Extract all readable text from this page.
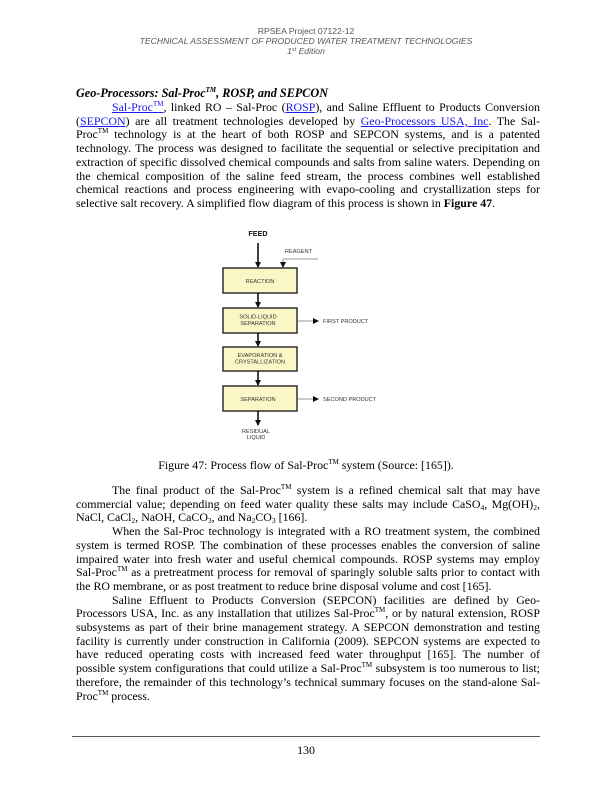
RPSEA Project 07122-12
TECHNICAL ASSESSMENT OF PRODUCED WATER TREATMENT TECHNOLOGIES
1st Edition
Geo-Processors: Sal-Proc™, ROSP, and SEPCON

Sal-Proc™, linked RO – Sal-Proc (ROSP), and Saline Effluent to Products Conversion (SEPCON) are all treatment technologies developed by Geo-Processors USA, Inc. The Sal-Proc™ technology is at the heart of both ROSP and SEPCON systems, and is a patented technology. The process was designed to facilitate the sequential or selective precipitation and extraction of specific dissolved chemical compounds and salts from saline waters. Depending on the chemical composition of the saline feed stream, the process combines well established chemical reactions and process engineering with evapo-cooling and crystallization steps for selective salt recovery. A simplified flow diagram of this process is shown in Figure 47.

FEED
REAGENT
REACTION
SOLID-LIQUID
SEPARATION	FIRST PRODUCT
EVAPORATION &
CRYSTALLIZATION
SEPARATION	SECOND PRODUCT
RESIDUAL
LIQUID
Figure 47: Process flow of Sal-Proc™ system (Source: [165]).

The final product of the Sal-Proc™ system is a refined chemical salt that may have commercial value; depending on feed water quality these salts may include CaSO$_4$, $Mg(OH)_2$, NaCl, CaCl$_2$, NaOH, CaCO$_3$, and $Na_2CO_3$ [166].

When the Sal-Proc technology is integrated with a RO treatment system, the combined system is termed ROSP. The combination of these processes enables the conversion of saline impaired water into fresh water and useful chemical compounds. ROSP systems may employ Sal-Proc™ as a pretreatment process for removal of sparingly soluble salts prior to contact with the RO membrane, or as post treatment to reduce brine disposal volume and cost [165].

Saline Effluent to Products Conversion (SEPCON) facilities are defined by Geo-Processors USA, Inc. as any installation that utilizes Sal-Proc™, or by natural extension, ROSP subsystems as part of their brine management strategy. A SEPCON demonstration and testing facility is currently under construction in California (2009). SEPCON systems are expected to have reduced operating costs with increased feed water throughput [165]. The number of possible system configurations that could utilize a Sal-Proc™ subsystem is too numerous to list; therefore, the remainder of this technology’s technical summary focuses on the stand-alone Sal-Proc™ process.

130
